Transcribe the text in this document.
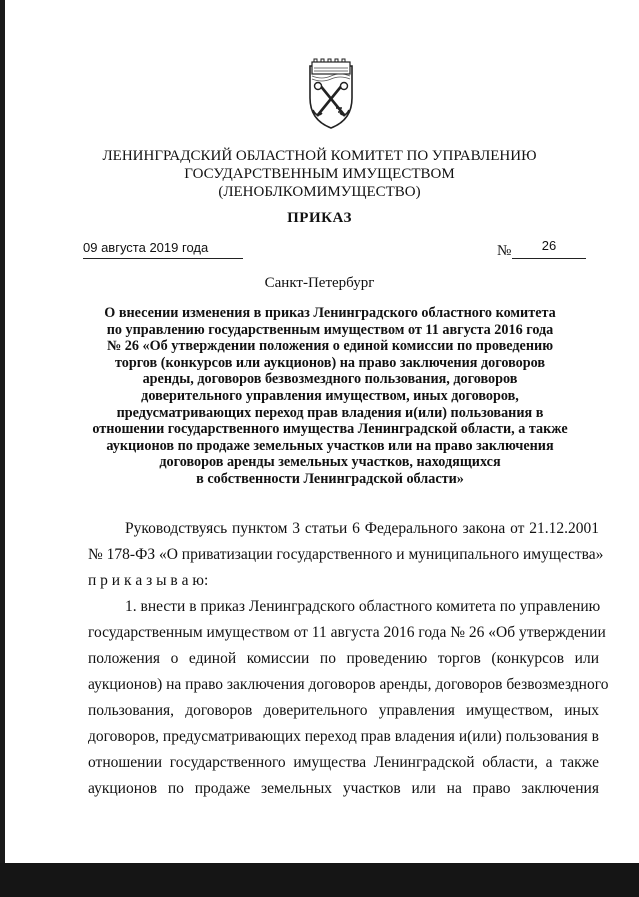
ЛЕНИНГРАДСКИЙ ОБЛАСТНОЙ КОМИТЕТ ПО УПРАВЛЕНИЮ
ГОСУДАРСТВЕННЫМ ИМУЩЕСТВОМ
(ЛЕНОБЛКОМИМУЩЕСТВО)
ПРИКАЗ
09 августа 2019 года	№	26
Санкт-Петербург
О внесении изменения в приказ Ленинградского областного комитета
по управлению государственным имуществом от 11 августа 2016 года
№ 26 «Об утверждении положения о единой комиссии по проведению
торгов (конкурсов или аукционов) на право заключения договоров
аренды, договоров безвозмездного пользования, договоров
доверительного управления имуществом, иных договоров,
предусматривающих переход прав владения и(или) пользования в
отношении государственного имущества Ленинградской области, а также
аукционов по продаже земельных участков или на право заключения
договоров аренды земельных участков, находящихся
в собственности Ленинградской области»
Руководствуясь пунктом 3 статьи 6 Федерального закона от 21.12.2001
№ 178-ФЗ «О приватизации государственного и муниципального имущества»
п р и к а з ы в а ю:
1. внести в приказ Ленинградского областного комитета по управлению
государственным имуществом от 11 августа 2016 года № 26 «Об утверждении
положения о единой комиссии по проведению торгов (конкурсов или
аукционов) на право заключения договоров аренды, договоров безвозмездного
пользования, договоров доверительного управления имуществом, иных
договоров, предусматривающих переход прав владения и(или) пользования в
отношении государственного имущества Ленинградской области, а также
аукционов по продаже земельных участков или на право заключения
